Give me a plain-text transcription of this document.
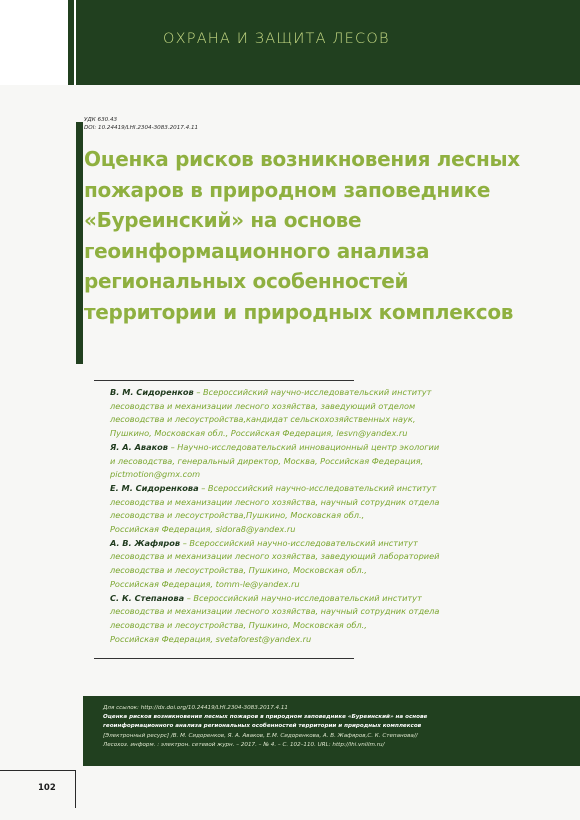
ОХРАНА И ЗАЩИТА ЛЕСОВ
УДК 630.43
DOI: 10.24419/LHI.2304-3083.2017.4.11
Оценка рисков возникновения лесных
пожаров в природном заповеднике
«Буреинский» на основе
геоинформационного анализа
региональных особенностей
территории и природных комплексов
В. М. Сидоренков – Всероссийский научно-исследовательский институт
лесоводства и механизации лесного хозяйства, заведующий отделом
лесоводства и лесоустройства,кандидат сельскохозяйственных наук,
Пушкино, Московская обл., Российская Федерация, lesvn@yandex.ru
Я. А. Аваков – Научно-исследовательский инновационный центр экологии
и лесоводства, генеральный директор, Москва, Российская Федерация,
pictmotion@gmx.com
Е. М. Сидоренкова – Всероссийский научно-исследовательский институт
лесоводства и механизации лесного хозяйства, научный сотрудник отдела
лесоводства и лесоустройства,Пушкино, Московская обл.,
Российская Федерация, sidora8@yandex.ru
А. В. Жафяров – Всероссийский научно-исследовательский институт
лесоводства и механизации лесного хозяйства, заведующий лабораторией
лесоводства и лесоустройства, Пушкино, Московская обл.,
Российская Федерация, tomm-le@yandex.ru
С. К. Степанова – Всероссийский научно-исследовательский институт
лесоводства и механизации лесного хозяйства, научный сотрудник отдела
лесоводства и лесоустройства, Пушкино, Московская обл.,
Российская Федерация, svetaforest@yandex.ru
Для ссылок: http://dx.doi.org/10.24419/LHI.2304-3083.2017.4.11
Оценка рисков возникновения лесных пожаров в природном заповеднике «Буреинский» на основе
геоинформационного анализа региональных особенностей территории и природных комплексов
[Электронный ресурс] /В. М. Сидоренков, Я. А. Аваков, Е.М. Сидоренкова, А. В. Жафяров,С. К. Степанова//
Лесохоз. информ. : электрон. сетевой журн. – 2017. – № 4. – С. 102–110. URL: http://lhi.vniilm.ru/
102
